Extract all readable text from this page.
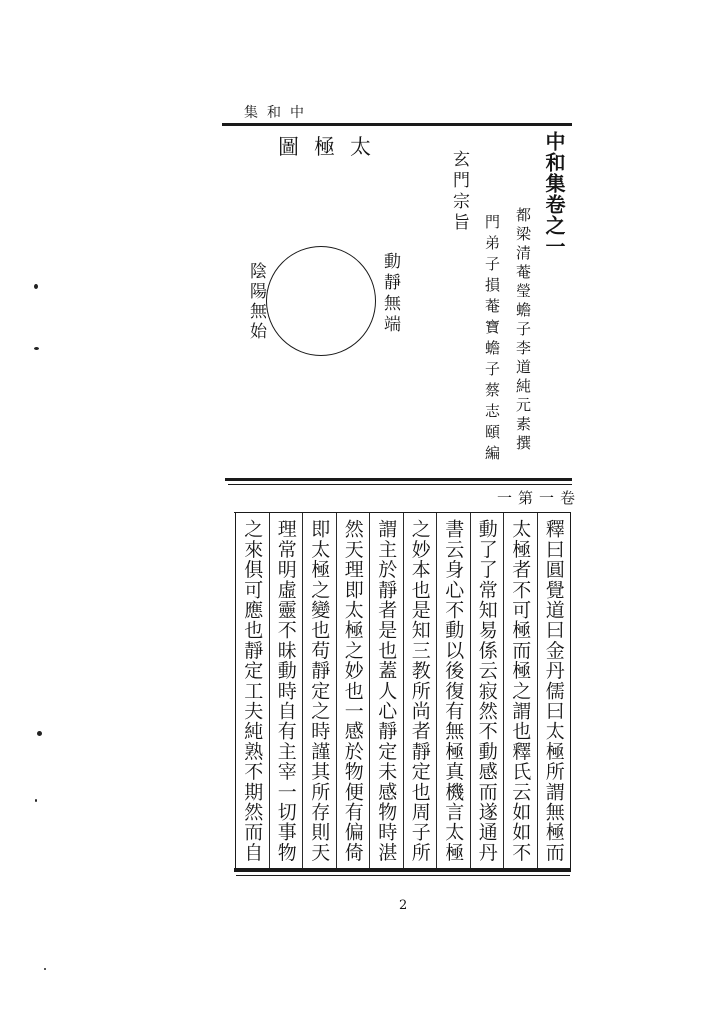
集和中
圖極太	中和集卷之一
都梁清菴瑩蟾子李道純元素撰
門弟子損菴寶蟾子蔡志頤編
玄門宗旨
動靜無端
陰陽無始
一第一卷
釋曰圓覺道曰金丹儒曰太極所謂無極而
太極者不可極而極之謂也釋氏云如如不
動了了常知易係云寂然不動感而遂通丹
書云身心不動以後復有無極真機言太極
之妙本也是知三教所尚者靜定也周子所
謂主於靜者是也蓋人心靜定未感物時湛
然天理即太極之妙也一感於物便有偏倚
即太極之變也苟靜定之時謹其所存則天
理常明虛靈不昧動時自有主宰一切事物
之來俱可應也靜定工夫純熟不期然而自
2
